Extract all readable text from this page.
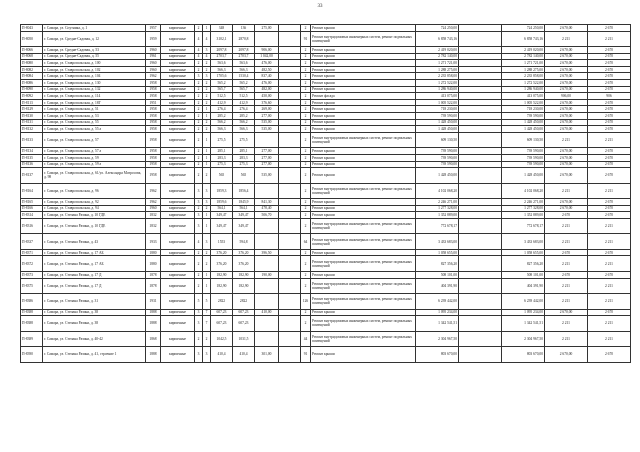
33
П-8043	г. Самара, ул. Спутника, д. 1	1957	кирпичные	2	1	348	136	275,00		2	Ремонт крыши	724 250,00		724 250,00	2 670,00	2 670
П-8050	г. Самара, ул. Средне-Садовая, д. 12	1959	кирпичные	4	4	3102,1	2870,8			91	Ремонт внутридомовых инженерных систем, ремонт подвальных помещений	6 858 743,16		6 858 743,16	2 211	2 211
П-8066	г. Самара, ул. Средне-Садовая, д. 53	1960	кирпичные	4	3	2097,8	2097,8	906,00		2	Ремонт крыши	2 419 020,00		2 419 020,00	2 670,00	2 670
П-8068	г. Самара, ул. Средне-Садовая, д. 55	1961	кирпичные	4	4	2703,7	2703,7	1 042,00		2	Ремонт крыши	2 782 140,00		2 782 140,00	2 670,00	2 670
П-8080	г. Самара, ул. Ставропольская, д. 100	1960	кирпичные	2	2	563,6	563,6	476,00		2	Ремонт крыши	1 271 721,00		1 271 721,00	2 670,00	2 670
П-8082	г. Самара, ул. Ставропольская, д. 102	1960	кирпичные	2	2	566,3	566,3	482,50		2	Ремонт крыши	1 288 275,00		1 288 275,00	2 670,00	2 670
П-8084	г. Самара, ул. Ставропольская, д. 104	1962	кирпичные	3	3	1705,6	1530,4	837,40		2	Ремонт крыши	2 235 858,00		2 235 858,00	2 670,00	2 670
П-8086	г. Самара, ул. Ставропольская, д. 130	1958	кирпичные	2	2	565,2	565,2	476,00		2	Ремонт крыши	1 272 522,00		1 272 522,00	2 670,00	2 670
П-8090	г. Самара, ул. Ставропольская, д. 132	1958	кирпичные	2	2	565,7	565,7	482,00		2	Ремонт крыши	1 286 940,00		1 286 940,00	2 670,00	2 670
П-8092	г. Самара, ул. Ставропольская, д. 114	1958	кирпичные	2	2	512,5	512,5	450,00		2	Ремонт фасада	413 075,00		413 075,00	906,00	906
П-8113	г. Самара, ул. Ставропольская, д. 18Г	1951	кирпичные	2	2	412,9	412,9	376,60		2	Ремонт крыши	1 005 522,00		1 005 522,00	2 670,00	2 670
П-8129	г. Самара, ул. Ставропольская, д. 51	1958	кирпичные	2	1	276,4	276,4	269,00		2	Ремонт крыши	718 230,00		718 230,00	2 670,00	2 670
П-8130	г. Самара, ул. Ставропольская, д. 53	1958	кирпичные	2	1	285,2	285,2	277,00		2	Ремонт крыши	739 590,00		739 590,00	2 670,00	2 670
П-8131	г. Самара, ул. Ставропольская, д. 55	1958	кирпичные	2	2	566,2	566,2	535,00		2	Ремонт крыши	1 428 450,00		1 428 450,00	2 670,00	2 670
П-8132	г. Самара, ул. Ставропольская, д. 55 а	1958	кирпичные	2	2	566,3	566,3	535,00		2	Ремонт крыши	1 428 450,00		1 428 450,00	2 670,00	2 670
П-8133	г. Самара, ул. Ставропольская, д. 57	1958	кирпичные	2	1	275,5	275,5			2	Ремонт внутридомовых инженерных систем, ремонт подвальных помещений	609 130,50		609 130,50	2 211	2 211
П-8134	г. Самара, ул. Ставропольская, д. 57 а	1958	кирпичные	2	1	285,1	285,1	277,00		2	Ремонт крыши	739 590,00		739 590,00	2 670,00	2 670
П-8135	г. Самара, ул. Ставропольская, д. 59	1958	кирпичные	2	1	283,3	283,3	277,00		2	Ремонт крыши	739 590,00		739 590,00	2 670,00	2 670
П-8136	г. Самара, ул. Ставропольская, д. 59 а	1958	кирпичные	2	1	275,3	275,3	277,00		2	Ремонт крыши	739 590,00		739 590,00	2 670,00	2 670
П-8137	г. Самара, ул. Ставропольская, д. 61/ул. Александра Матросова, д. 98	1958	кирпичные	2	2	565	565	535,00		2	Ремонт крыши	1 428 450,00		1 428 450,00	2 670,00	2 670
П-8164	г. Самара, ул. Ставропольская, д. 96	1962	кирпичные	3	3	1859,3	1856,4			2	Ремонт внутридомовых инженерных систем, ремонт подвальных помещений	4 102 068,20		4 102 068,20	2 211	2 211
П-8165	г. Самара, ул. Ставропольская, д. 92	1962	кирпичные	3	3	1859,6	1845,9	841,30		2	Ремонт крыши	2 246 271,00		2 246 271,00	2 670,00	2 670
П-8166	г. Самара, ул. Ставропольская, д. 94	1960	кирпичные	2	2	564,1	564,1	478,40		2	Ремонт крыши	1 277 328,00		1 277 328,00	2 670,00	2 670
П-8314	г. Самара, ул. Степана Разина, д. 10 ГДЕ	1832	кирпичные	3	1	349,47	349,47	506,70		2	Ремонт крыши	1 352 889,00		1 352 889,00	2 670	2 670
П-8316	г. Самара, ул. Степана Разина, д. 10 ГДЕ	1832	кирпичные	3	1	349,47	349,47			2	Ремонт внутридомовых инженерных систем, ремонт подвальных помещений	772 678,17		772 678,17	2 211	2 211
П-8337	г. Самара, ул. Степана Разина, д. 43	1933	кирпичные	4	3	1553	594,8			64	Ремонт внутридомовых инженерных систем, ремонт подвальных помещений	3 433 683,00		3 433 683,00	2 211	2 211
П-8371	г. Самара, ул. Степана Разина, д. 17 АБ	1880	кирпичные	2	2	376,20	376,20	396,50		2	Ремонт крыши	1 058 655,00		1 058 655,00	2 670	2 670
П-8372	г. Самара, ул. Степана Разина, д. 17 АБ	1880	кирпичные	2	2	376,20	376,20			2	Ремонт внутридомовых инженерных систем, ремонт подвальных помещений	827 356,20		827 356,20	2 211	2 211
П-8373	г. Самара, ул. Степана Разина, д. 17 Д	1878	кирпичные	2	1	182,90	182,90	190,00		2	Ремонт крыши	508 101,00		508 101,00	2 670	2 670
П-8375	г. Самара, ул. Степана Разина, д. 17 Д	1878	кирпичные	2	1	182,90	182,90			2	Ремонт внутридомовых инженерных систем, ремонт подвальных помещений	404 391,90		404 391,90	2 211	2 211
П-8386	г. Самара, ул. Степана Разина, д. 31	1931	кирпичные	5	5	2822	2822			126	Ремонт внутридомовых инженерных систем, ремонт подвальных помещений	6 239 442,00		6 239 442,00	2 211	2 211
П-8388	г. Самара, ул. Степана Разина, д. 38	1888	кирпичные	3	7	607,23	607,23	410,00		2	Ремонт крыши	1 095 234,00		1 095 234,00	2 670,00	2 670
П-8388	г. Самара, ул. Степана Разина, д. 38	1888	кирпичные	3	7	607,23	607,23			2	Ремонт внутридомовых инженерных систем, ремонт подвальных помещений	1 342 541,51		1 342 541,51	2 211	2 211
П-8389	г. Самара, ул. Степана Разина, д. 40-42	1868	кирпичные	2	2	1042,5	1031,5			44	Ремонт внутридомовых инженерных систем, ремонт подвальных помещений	2 304 967,50		2 304 967,50	2 211	2 211
П-8390	г. Самара, ул. Степана Разина, д. 41, строение 1	1888	кирпичные	3	3	410,4	410,4	301,00		91	Ремонт крыши	803 670,00		803 670,00	2 670,00	2 670
